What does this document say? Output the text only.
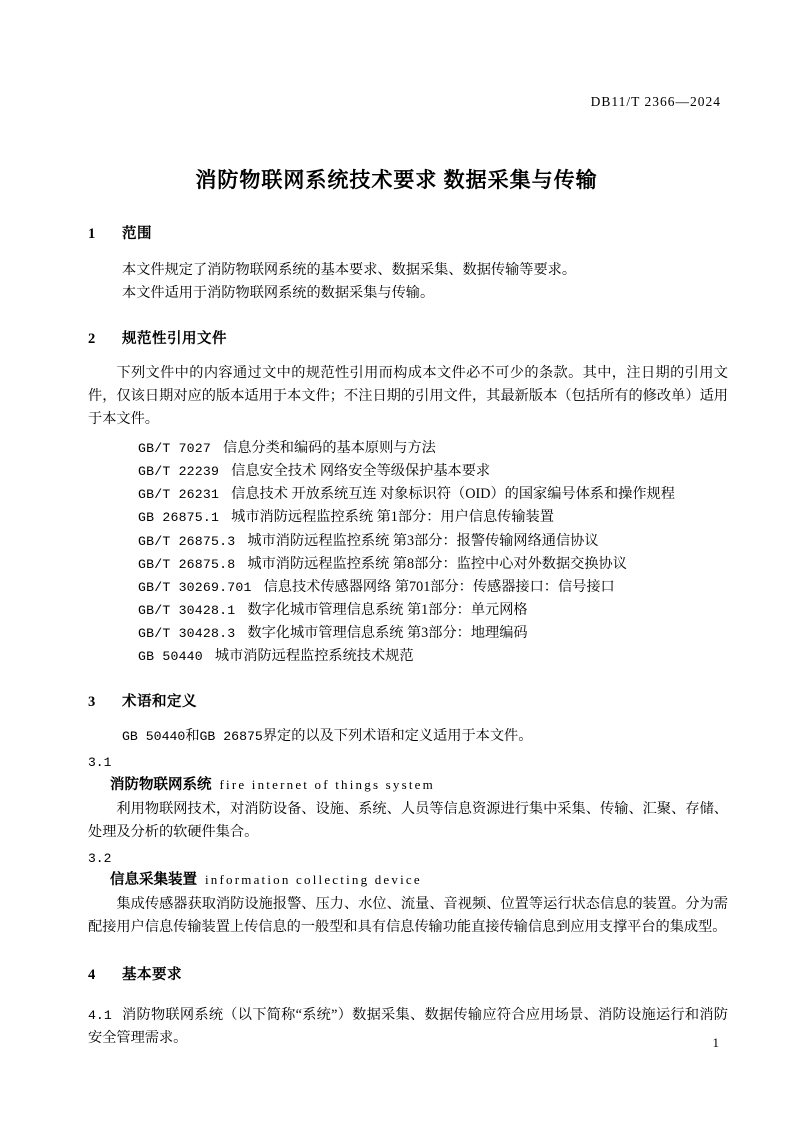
DB11/T 2366—2024
消防物联网系统技术要求 数据采集与传输
1 范围

本文件规定了消防物联网系统的基本要求、数据采集、数据传输等要求。

本文件适用于消防物联网系统的数据采集与传输。

2 规范性引用文件

下列文件中的内容通过文中的规范性引用而构成本文件必不可少的条款。其中，注日期的引用文件，仅该日期对应的版本适用于本文件；不注日期的引用文件，其最新版本（包括所有的修改单）适用于本文件。

GB/T 7027 信息分类和编码的基本原则与方法
GB/T 22239 信息安全技术 网络安全等级保护基本要求
GB/T 26231 信息技术 开放系统互连 对象标识符（OID）的国家编号体系和操作规程
GB 26875.1 城市消防远程监控系统 第1部分：用户信息传输装置
GB/T 26875.3 城市消防远程监控系统 第3部分：报警传输网络通信协议
GB/T 26875.8 城市消防远程监控系统 第8部分：监控中心对外数据交换协议
GB/T 30269.701 信息技术传感器网络 第701部分：传感器接口：信号接口
GB/T 30428.1 数字化城市管理信息系统 第1部分：单元网格
GB/T 30428.3 数字化城市管理信息系统 第3部分：地理编码
GB 50440 城市消防远程监控系统技术规范
3 术语和定义
GB 50440和GB 26875界定的以及下列术语和定义适用于本文件。
3.1
消防物联网系统 fire internet of things system
利用物联网技术，对消防设备、设施、系统、人员等信息资源进行集中采集、传输、汇聚、存储、处理及分析的软硬件集合。
3.2
信息采集装置 information collecting device
集成传感器获取消防设施报警、压力、水位、流量、音视频、位置等运行状态信息的装置。分为需配接用户信息传输装置上传信息的一般型和具有信息传输功能直接传输信息到应用支撑平台的集成型。
4 基本要求
4.1 消防物联网系统（以下简称“系统”）数据采集、数据传输应符合应用场景、消防设施运行和消防安全管理需求。	1
